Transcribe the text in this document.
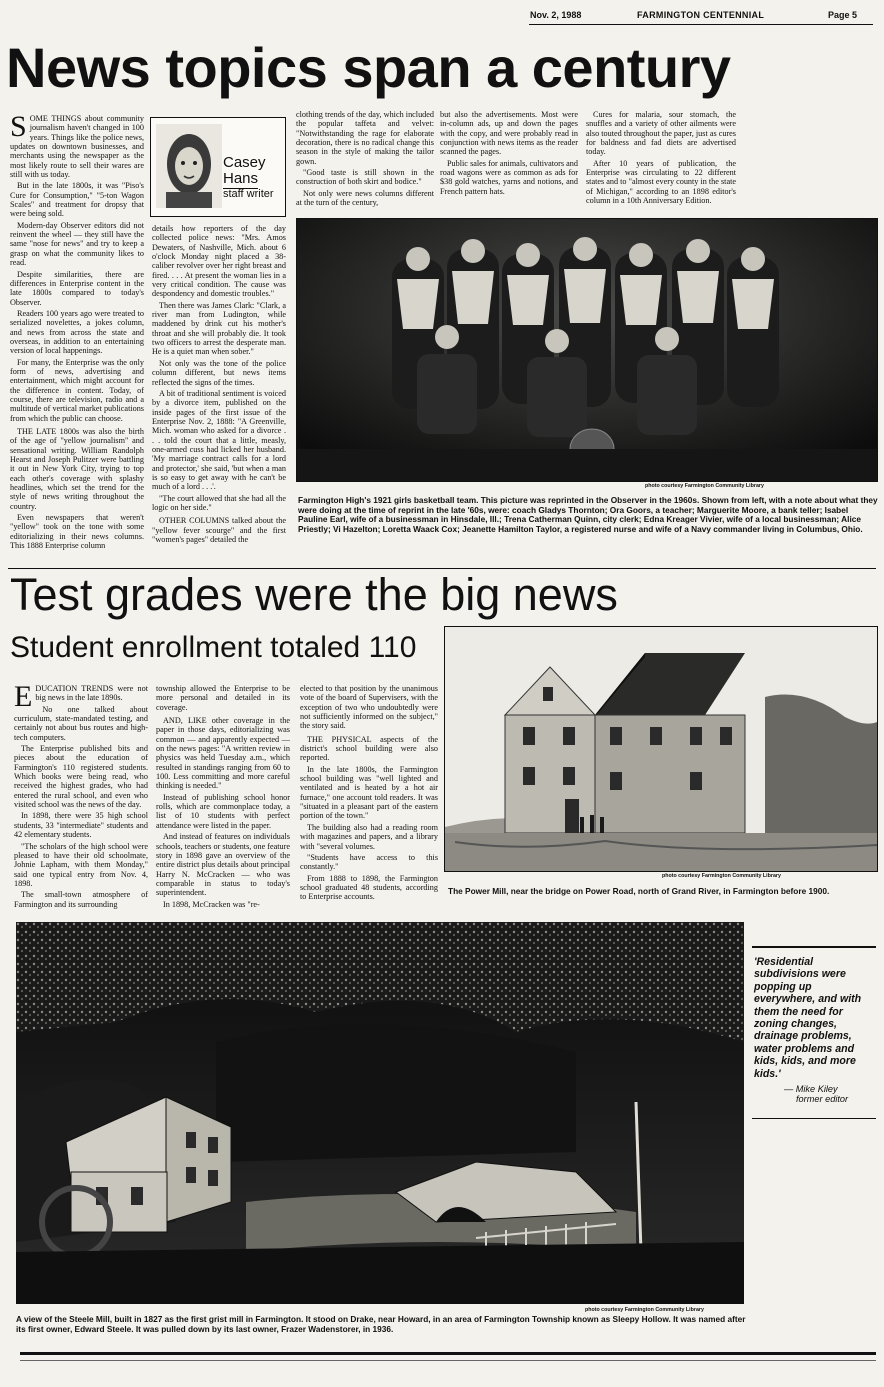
Nov. 2, 1988	FARMINGTON CENTENNIAL	Page 5
News topics span a century

SOME THINGS about community journalism haven't changed in 100 years. Things like the police news, updates on downtown businesses, and merchants using the newspaper as the most likely route to sell their wares are still with us today.

But in the late 1800s, it was "Piso's Cure for Consumption," "5-ton Wagon Scales" and treatment for dropsy that were being sold.

Modern-day Observer editors did not reinvent the wheel — they still have the same "nose for news" and try to keep a grasp on what the community likes to read.

Despite similarities, there are differences in Enterprise content in the late 1800s compared to today's Observer.

Readers 100 years ago were treated to serialized novelettes, a jokes column, and news from across the state and overseas, in addition to an entertaining version of local happenings.

For many, the Enterprise was the only form of news, advertising and entertainment, which might account for the difference in content. Today, of course, there are television, radio and a multitude of vertical market publications from which the public can choose.

THE LATE 1800s was also the birth of the age of "yellow journalism" and sensational writing. William Randolph Hearst and Joseph Pulitzer were battling it out in New York City, trying to top each other's coverage with splashy headlines, which set the trend for the style of news writing throughout the country.

Even newspapers that weren't "yellow" took on the tone with some editorializing in their news columns. This 1888 Enterprise column

Casey
Hans
staff writer

details how reporters of the day collected police news: "Mrs. Amos Dewaters, of Nashville, Mich. about 6 o'clock Monday night placed a 38-caliber revolver over her right breast and fired. . . . At present the woman lies in a very critical condition. The cause was despondency and domestic troubles."

Then there was James Clark: "Clark, a river man from Ludington, while maddened by drink cut his mother's throat and she will probably die. It took two officers to arrest the desperate man. He is a quiet man when sober."

Not only was the tone of the police column different, but news items reflected the signs of the times.

A bit of traditional sentiment is voiced by a divorce item, published on the inside pages of the first issue of the Enterprise Nov. 2, 1888: "A Greenville, Mich. woman who asked for a divorce . . . told the court that a little, measly, one-armed cuss had licked her husband. 'My marriage contract calls for a lord and protector,' she said, 'but when a man is so easy to get away with he can't be much of a lord . . .'.

"The court allowed that she had all the logic on her side."

OTHER COLUMNS talked about the "yellow fever scourge" and the first "women's pages" detailed the

clothing trends of the day, which included the popular taffeta and velvet: "Notwithstanding the rage for elaborate decoration, there is no radical change this season in the style of making the tailor gown.

"Good taste is still shown in the construction of both skirt and bodice."

Not only were news columns different at the turn of the century,

but also the advertisements. Most were in-column ads, up and down the pages with the copy, and were probably read in conjunction with news items as the reader scanned the pages.

Public sales for animals, cultivators and road wagons were as common as ads for $38 gold watches, yarns and notions, and French pattern hats.

Cures for malaria, sour stomach, the snuffles and a variety of other ailments were also touted throughout the paper, just as cures for baldness and fad diets are advertised today.

After 10 years of publication, the Enterprise was circulating to 22 different states and to "almost every county in the state of Michigan," according to an 1898 editor's column in a 10th Anniversary Edition.

photo courtesy Farmington Community Library

Farmington High's 1921 girls basketball team. This picture was reprinted in the Observer in the 1960s. Shown from left, with a note about what they were doing at the time of reprint in the late '60s, were: coach Gladys Thornton; Ora Goors, a teacher; Marguerite Moore, a bank teller; Isabel Pauline Earl, wife of a businessman in Hinsdale, Ill.; Trena Catherman Quinn, city clerk; Edna Kreager Vivier, wife of a local businessman; Alice Priestly; Vi Hazelton; Loretta Waack Cox; Jeanette Hamilton Taylor, a registered nurse and wife of a Navy commander living in Columbus, Ohio.

Test grades were the big news
Student enrollment totaled 110

EDUCATION TRENDS were not big news in the late 1890s.

No one talked about curriculum, state-mandated testing, and certainly not about bus routes and high-tech computers.

The Enterprise published bits and pieces about the education of Farmington's 110 registered students. Which books were being read, who received the highest grades, who had entered the rural school, and even who visited school was the news of the day.

In 1898, there were 35 high school students, 33 "intermediate" students and 42 elementary students.

"The scholars of the high school were pleased to have their old schoolmate, Johnie Lapham, with them Monday," said one typical entry from Nov. 4, 1898.

The small-town atmosphere of Farmington and its surrounding

township allowed the Enterprise to be more personal and detailed in its coverage.

AND, LIKE other coverage in the paper in those days, editorializing was common — and apparently expected — on the news pages: "A written review in physics was held Tuesday a.m., which resulted in standings ranging from 60 to 100. Less committing and more careful thinking is needed."

Instead of publishing school honor rolls, which are commonplace today, a list of 10 students with perfect attendance were listed in the paper.

And instead of features on individuals schools, teachers or students, one feature story in 1898 gave an overview of the entire district plus details about principal Harry N. McCracken — who was comparable in status to today's superintendent.

In 1898, McCracken was "re-

elected to that position by the unanimous vote of the board of Supervisers, with the exception of two who undoubtedly were not sufficiently informed on the subject," the story said.

THE PHYSICAL aspects of the district's school building were also reported.

In the late 1800s, the Farmington school building was "well lighted and ventilated and is heated by a hot air furnace," one account told readers. It was "situated in a pleasant part of the eastern portion of the town."

The building also had a reading room with magazines and papers, and a library with "several volumes.

"Students have access to this constantly."

From 1888 to 1898, the Farmington school graduated 48 students, according to Enterprise accounts.

photo courtesy Farmington Community Library

The Power Mill, near the bridge on Power Road, north of Grand River, in Farmington before 1900.

'Residential subdivisions were popping up everywhere, and with them the need for zoning changes, drainage problems, water problems and kids, kids, and more kids.'
— Mike Kiley
former editor
photo courtesy Farmington Community Library

A view of the Steele Mill, built in 1827 as the first grist mill in Farmington. It stood on Drake, near Howard, in an area of Farmington Township known as Sleepy Hollow. It was named after its first owner, Edward Steele. It was pulled down by its last owner, Frazer Wadenstorer, in 1936.
